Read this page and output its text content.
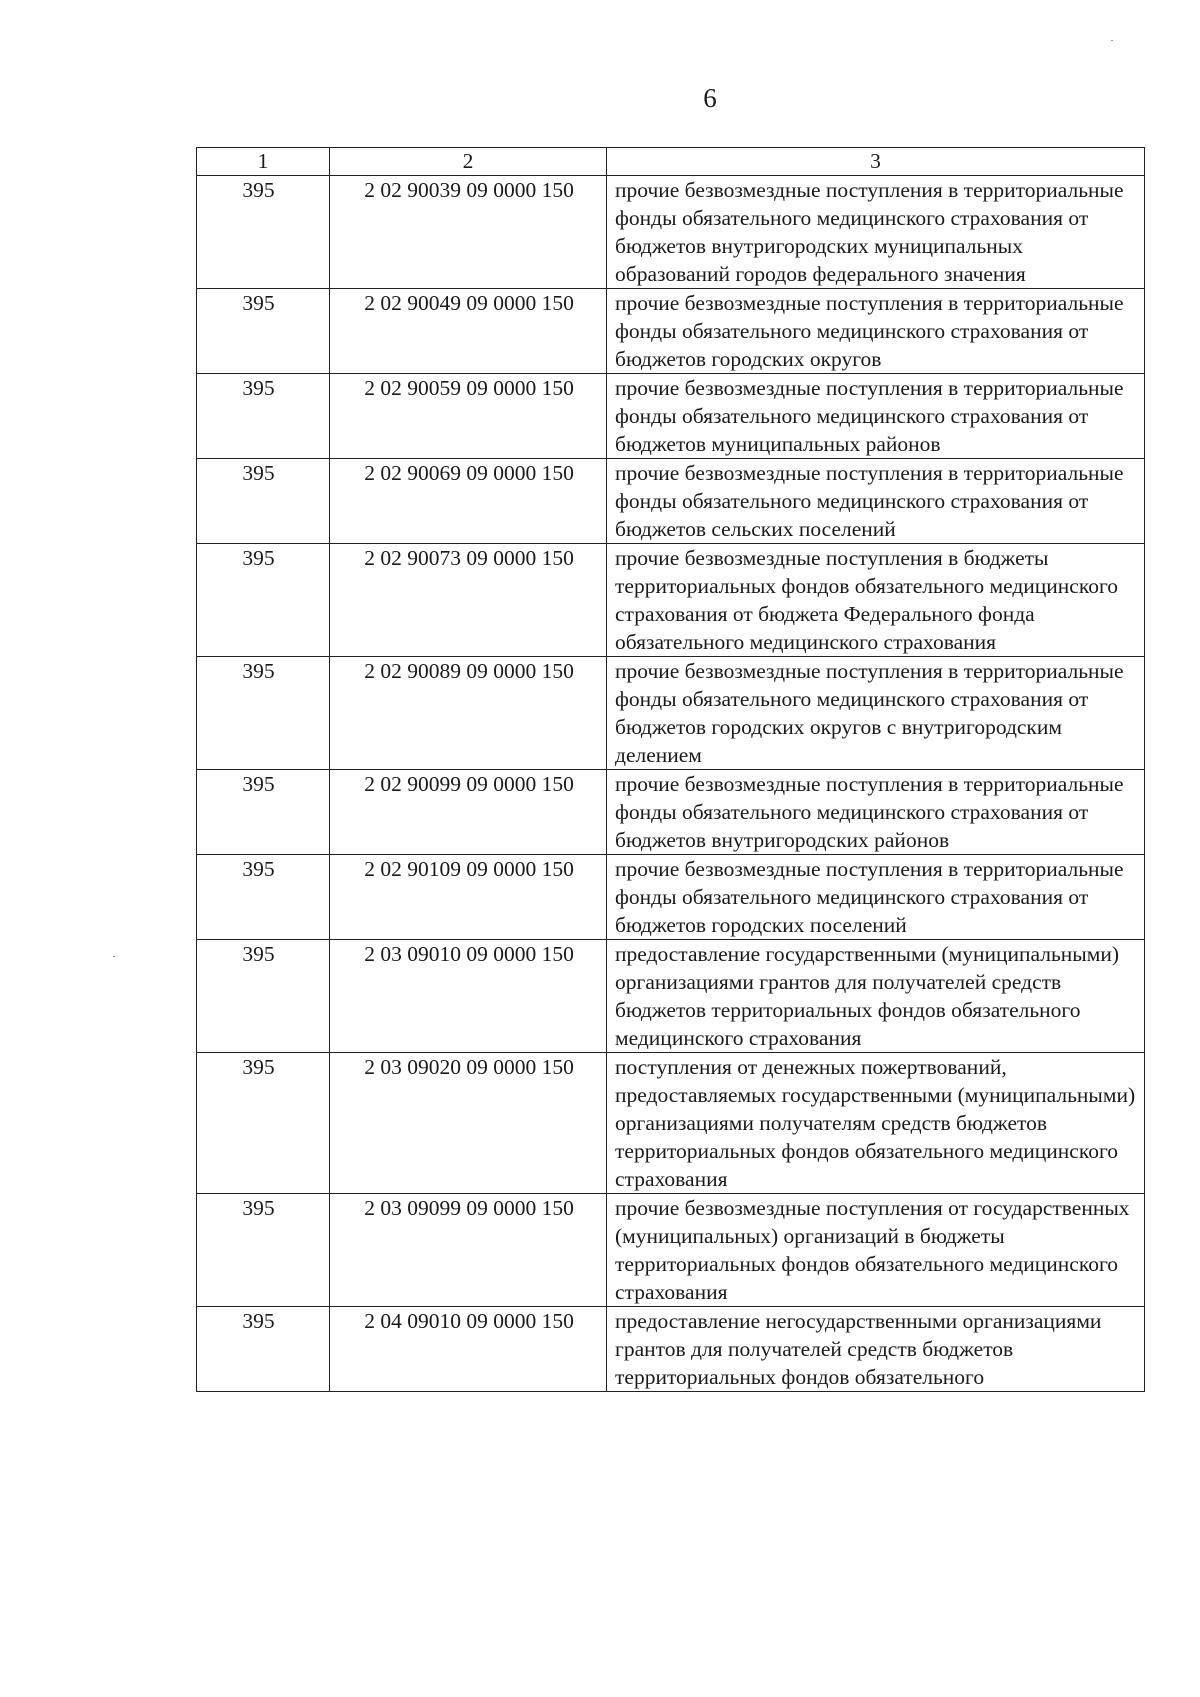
6
1	2	3
395	2 02 90039 09 0000 150	прочие безвозмездные поступления в территориальные фонды обязательного медицинского страхования от бюджетов внутригородских муниципальных образований городов федерального значения
395	2 02 90049 09 0000 150	прочие безвозмездные поступления в территориальные фонды обязательного медицинского страхования от бюджетов городских округов
395	2 02 90059 09 0000 150	прочие безвозмездные поступления в территориальные фонды обязательного медицинского страхования от бюджетов муниципальных районов
395	2 02 90069 09 0000 150	прочие безвозмездные поступления в территориальные фонды обязательного медицинского страхования от бюджетов сельских поселений
395	2 02 90073 09 0000 150	прочие безвозмездные поступления в бюджеты территориальных фондов обязательного медицинского страхования от бюджета Федерального фонда обязательного медицинского страхования
395	2 02 90089 09 0000 150	прочие безвозмездные поступления в территориальные фонды обязательного медицинского страхования от бюджетов городских округов с внутригородским делением
395	2 02 90099 09 0000 150	прочие безвозмездные поступления в территориальные фонды обязательного медицинского страхования от бюджетов внутригородских районов
395	2 02 90109 09 0000 150	прочие безвозмездные поступления в территориальные фонды обязательного медицинского страхования от бюджетов городских поселений
395	2 03 09010 09 0000 150	предоставление государственными (муниципальными) организациями грантов для получателей средств бюджетов территориальных фондов обязательного медицинского страхования
395	2 03 09020 09 0000 150	поступления от денежных пожертвований, предоставляемых государственными (муниципальными) организациями получателям средств бюджетов территориальных фондов обязательного медицинского страхования
395	2 03 09099 09 0000 150	прочие безвозмездные поступления от государственных (муниципальных) организаций в бюджеты территориальных фондов обязательного медицинского страхования
395	2 04 09010 09 0000 150	предоставление негосударственными организациями грантов для получателей средств бюджетов территориальных фондов обязательного
